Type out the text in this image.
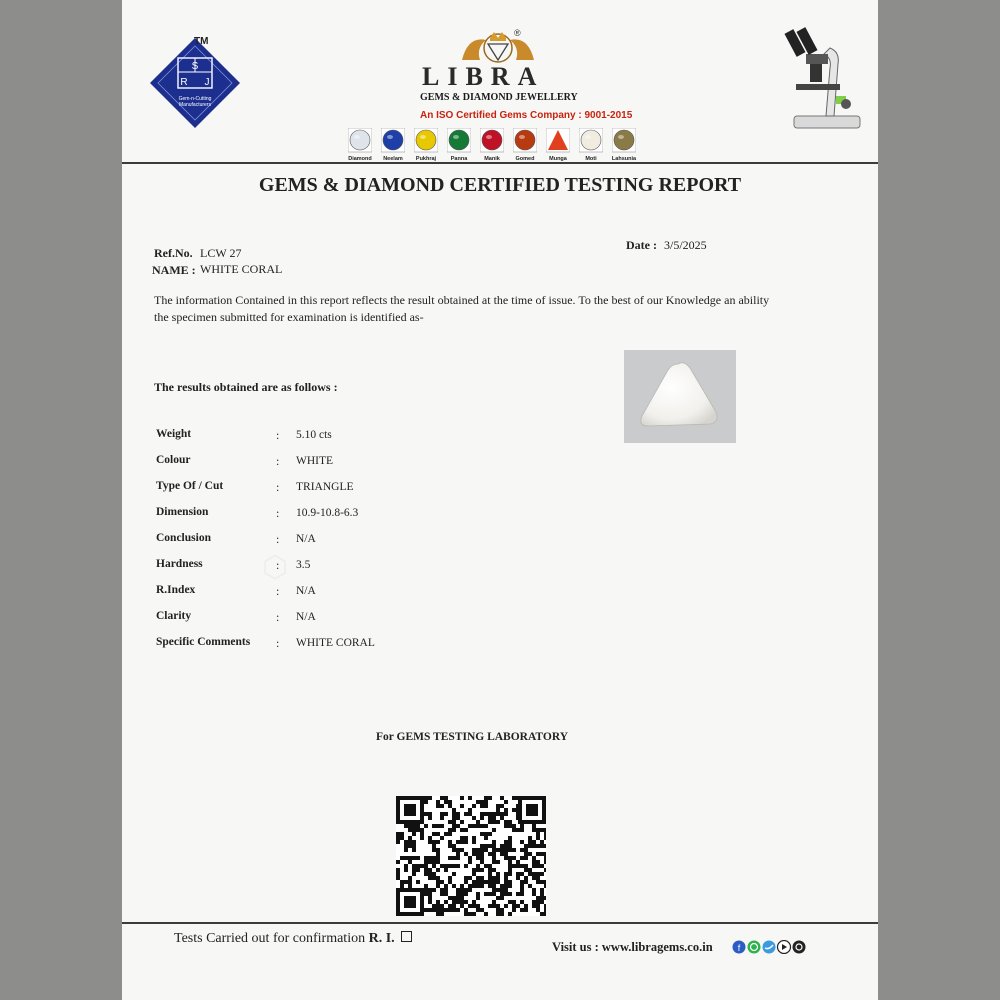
S
R J
Gem-n-Cutting
Manufacturers
TM
®
LIBRA
GEMS & DIAMOND JEWELLERY
An ISO Certified Gems Company : 9001-2015
Diamond Neelam Pukhraj	Panna	Manik	Gomed	Munga	Moti	Lahsunia
GEMS & DIAMOND CERTIFIED TESTING REPORT
Ref.No. LCW 27
NAME : WHITE CORAL
Date : 3/5/2025
The information Contained in this report reflects the result obtained at the time of issue. To the best of our Knowledge an ability the specimen submitted for examination is identified as-
The results obtained are as follows :
Weight	: 5.10 cts
Colour	: WHITE
Type Of / Cut	: TRIANGLE
Dimension	: 10.9-10.8-6.3
Conclusion	: N/A
Hardness	: 3.5
R.Index	: N/A
Clarity	: N/A
Specific Comments : WHITE CORAL
For GEMS TESTING LABORATORY
Tests Carried out for confirmation R. I.
Visit us : www.libragems.co.in	f
